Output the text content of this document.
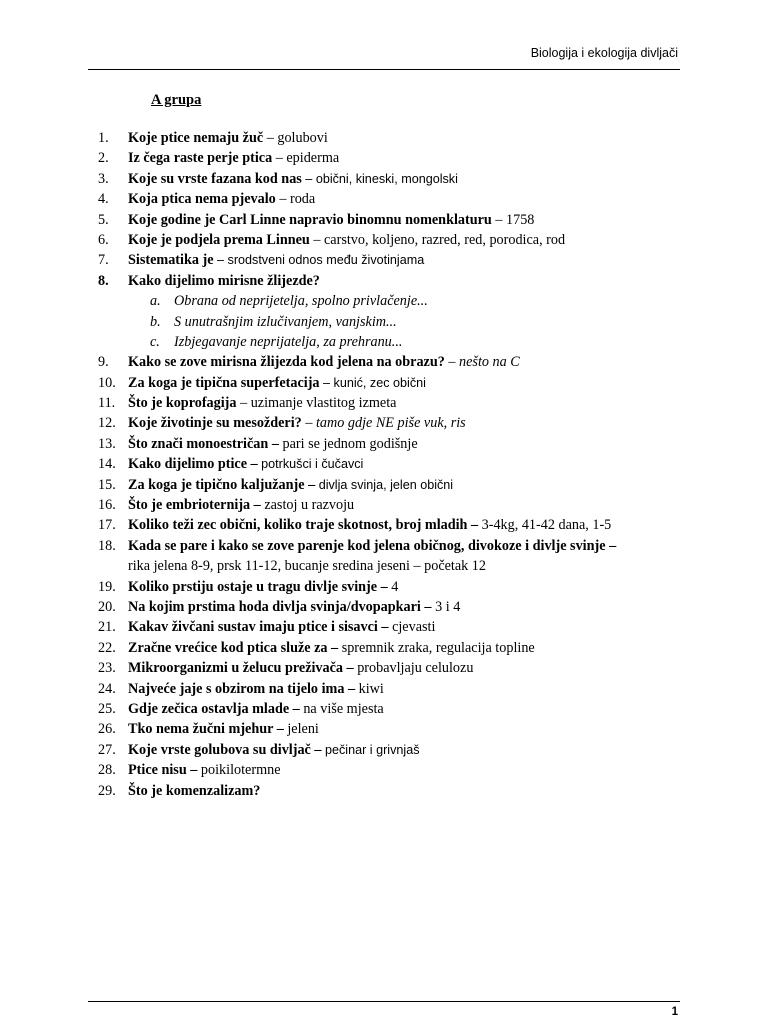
Biologija i ekologija divljači
A grupa
1.	Koje ptice nemaju žuč – golubovi
2.	Iz čega raste perje ptica – epiderma
3.	Koje su vrste fazana kod nas – obični, kineski, mongolski
4.	Koja ptica nema pjevalo – roda
5.	Koje godine je Carl Linne napravio binomnu nomenklaturu – 1758
6.	Koje je podjela prema Linneu – carstvo, koljeno, razred, red, porodica, rod
7.	Sistematika je – srodstveni odnos među životinjama
8.	Kako dijelimo mirisne žlijezde?
a. Obrana od neprijetelja, spolno privlačenje...
b. S unutrašnjim izlučivanjem, vanjskim...
c. Izbjegavanje neprijatelja, za prehranu...
9.	Kako se zove mirisna žlijezda kod jelena na obrazu? – nešto na C
10. Za koga je tipična superfetacija – kunić, zec obični
11. Što je koprofagija – uzimanje vlastitog izmeta
12. Koje životinje su mesožderi? – tamo gdje NE piše vuk, ris
13. Što znači monoestričan – pari se jednom godišnje
14. Kako dijelimo ptice – potrkušci i čučavci
15. Za koga je tipično kaljužanje – divlja svinja, jelen obični
16. Što je embrioternija – zastoj u razvoju
17. Koliko teži zec obični, koliko traje skotnost, broj mladih – 3-4kg, 41-42 dana, 1-5
18. Kada se pare i kako se zove parenje kod jelena običnog, divokoze i divlje svinje –
rika jelena 8-9, prsk 11-12, bucanje sredina jeseni – početak 12
19. Koliko prstiju ostaje u tragu divlje svinje – 4
20. Na kojim prstima hoda divlja svinja/dvopapkari – 3 i 4
21. Kakav živčani sustav imaju ptice i sisavci – cjevasti
22. Zračne vrećice kod ptica služe za – spremnik zraka, regulacija topline
23. Mikroorganizmi u želucu preživača – probavljaju celulozu
24. Najveće jaje s obzirom na tijelo ima – kiwi
25. Gdje zečica ostavlja mlade – na više mjesta
26. Tko nema žučni mjehur – jeleni
27. Koje vrste golubova su divljač – pečinar i grivnjaš
28. Ptice nisu – poikilotermne
29. Što je komenzalizam?
1
